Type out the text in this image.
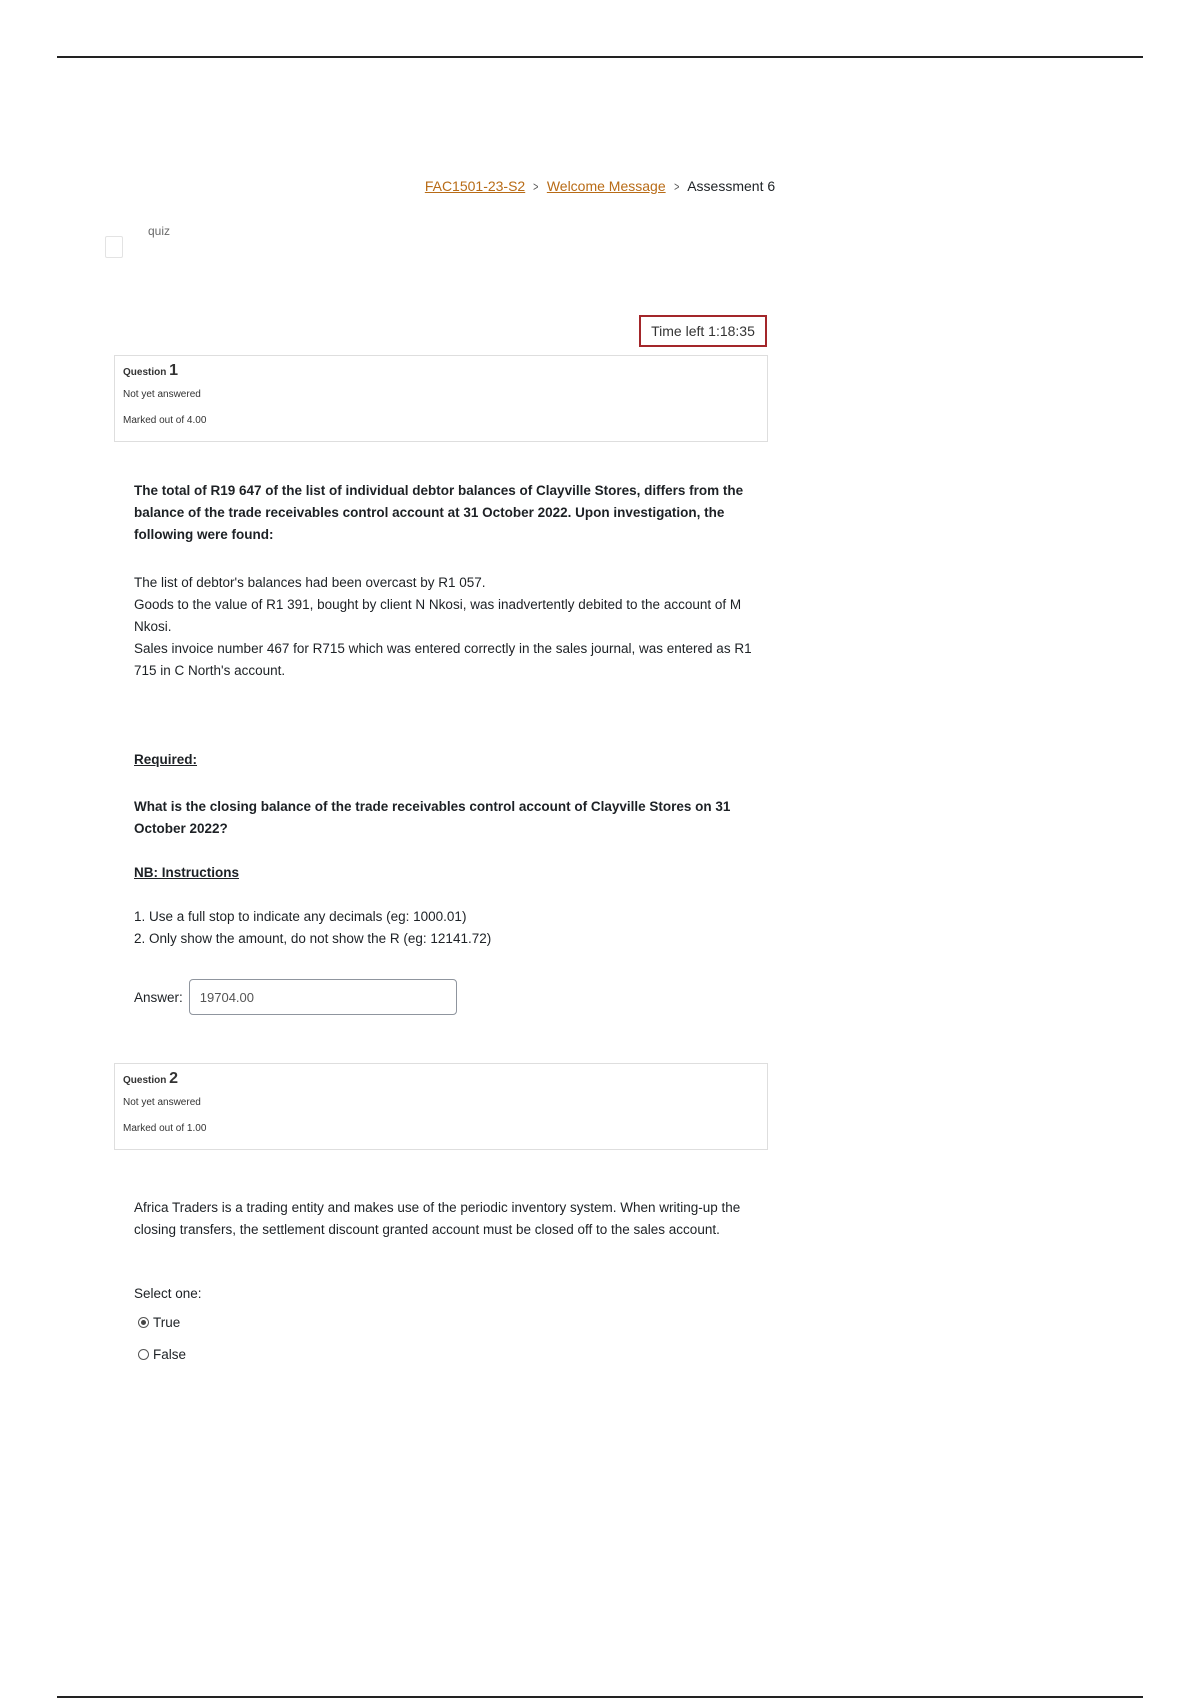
FAC1501-23-S2 > Welcome Message > Assessment 6
quiz
Time left 1:18:35
Question 1
Not yet answered
Marked out of 4.00

The total of R19 647 of the list of individual debtor balances of Clayville Stores, differs from the balance of the trade receivables control account at 31 October 2022. Upon investigation, the following were found:

The list of debtor's balances had been overcast by R1 057.

Goods to the value of R1 391, bought by client N Nkosi, was inadvertently debited to the account of M Nkosi.

Sales invoice number 467 for R715 which was entered correctly in the sales journal, was entered as R1 715 in C North's account.

Required:

What is the closing balance of the trade receivables control account of Clayville Stores on 31 October 2022?

NB: Instructions

1. Use a full stop to indicate any decimals (eg: 1000.01)

2. Only show the amount, do not show the R (eg: 12141.72)

Answer:
19704.00
Question 2
Not yet answered
Marked out of 1.00

Africa Traders is a trading entity and makes use of the periodic inventory system. When writing-up the closing transfers, the settlement discount granted account must be closed off to the sales account.

Select one:
True
False
